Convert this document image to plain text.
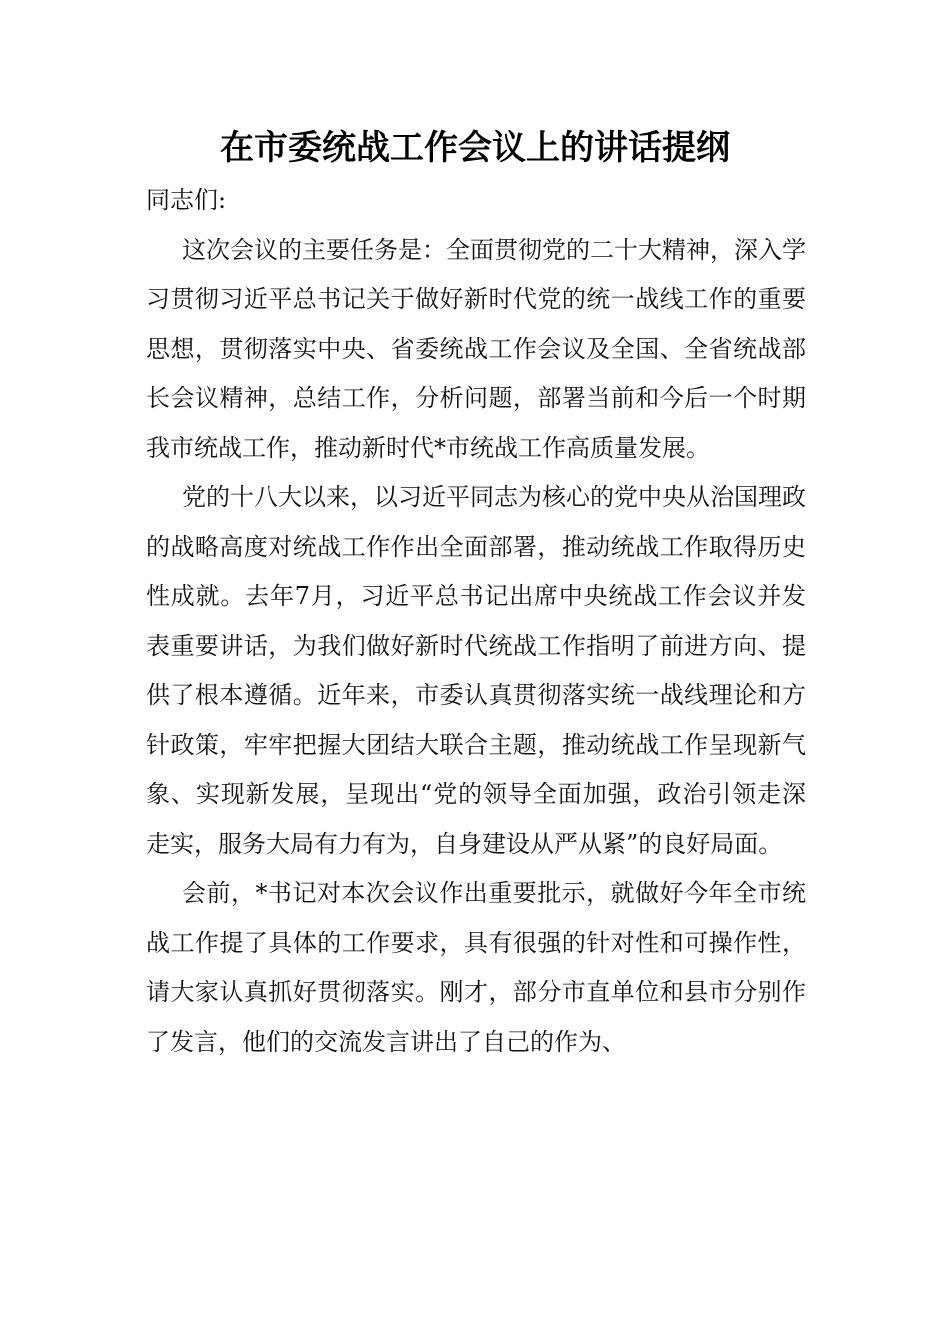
在市委统战工作会议上的讲话提纲

同志们:

这次会议的主要任务是：全面贯彻党的二十大精神，深入学习贯彻习近平总书记关于做好新时代党的统一战线工作的重要思想，贯彻落实中央、省委统战工作会议及全国、全省统战部长会议精神，总结工作，分析问题，部署当前和今后一个时期我市统战工作，推动新时代*市统战工作高质量发展。

党的十八大以来，以习近平同志为核心的党中央从治国理政的战略高度对统战工作作出全面部署，推动统战工作取得历史性成就。去年7月，习近平总书记出席中央统战工作会议并发表重要讲话，为我们做好新时代统战工作指明了前进方向、提供了根本遵循。近年来，市委认真贯彻落实统一战线理论和方针政策，牢牢把握大团结大联合主题，推动统战工作呈现新气象、实现新发展，呈现出“党的领导全面加强，政治引领走深走实，服务大局有力有为，自身建设从严从紧”的良好局面。

会前，*书记对本次会议作出重要批示，就做好今年全市统战工作提了具体的工作要求，具有很强的针对性和可操作性，请大家认真抓好贯彻落实。刚才，部分市直单位和县市分别作了发言，他们的交流发言讲出了自己的作为、
